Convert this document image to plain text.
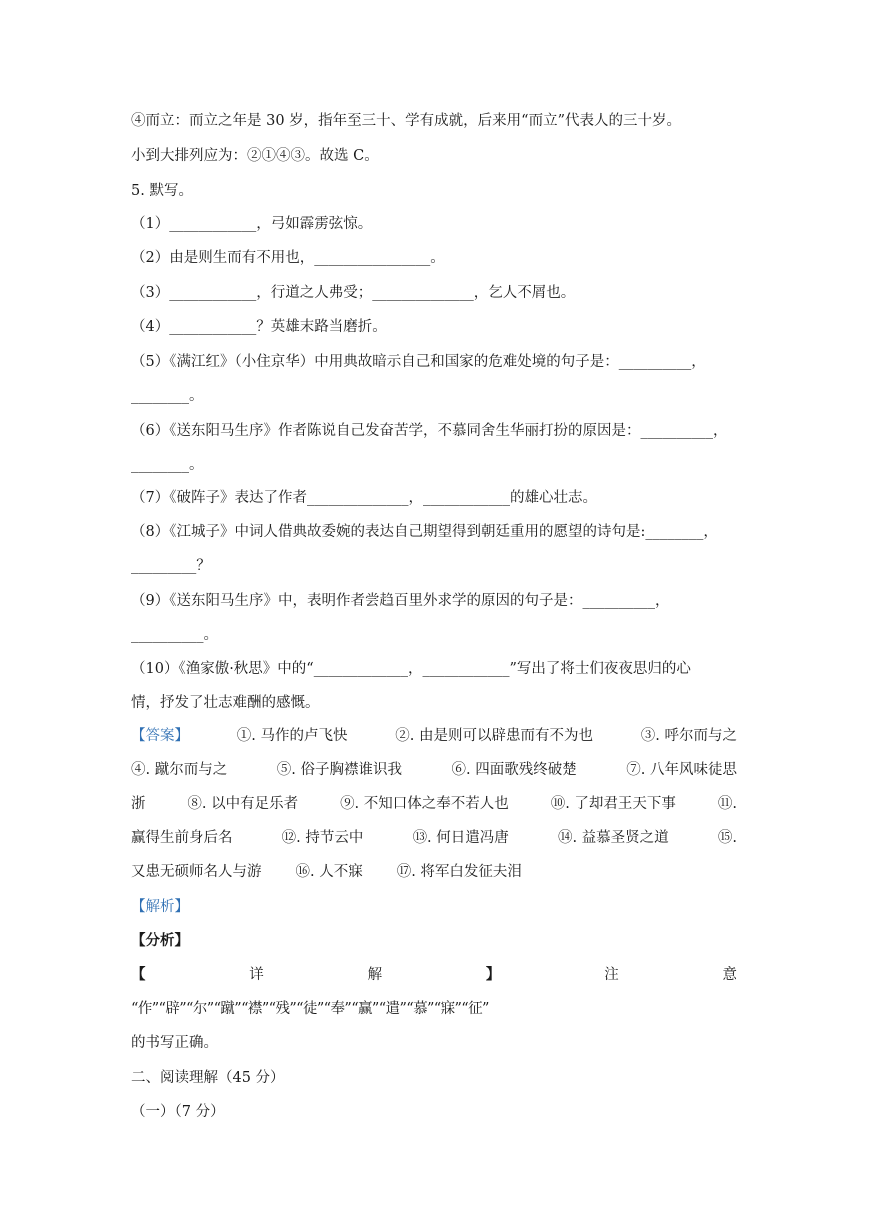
④而立：而立之年是 30 岁，指年至三十、学有成就，后来用“而立”代表人的三十岁。
小到大排列应为：②①④③。故选 C。
5. 默写。
（1）____________，弓如霹雳弦惊。
（2）由是则生而有不用也，________________。
（3）____________，行道之人弗受；______________，乞人不屑也。
（4）____________？英雄末路当磨折。
（5）《满江红》（小住京华）中用典故暗示自己和国家的危难处境的句子是：__________，
________。
（6）《送东阳马生序》作者陈说自己发奋苦学，不慕同舍生华丽打扮的原因是：__________，
________。
（7）《破阵子》表达了作者______________，____________的雄心壮志。
（8）《江城子》中词人借典故委婉的表达自己期望得到朝廷重用的愿望的诗句是:________，
_________？
（9）《送东阳马生序》中，表明作者尝趋百里外求学的原因的句子是：__________，
__________。
（10）《渔家傲·秋思》中的“_____________，____________”写出了将士们夜夜思归的心
情，抒发了壮志难酬的感慨。
【答案】	①. 马作的卢飞快	②. 由是则可以辟患而有不为也	③. 呼尔而与之
④. 蹴尔而与之	⑤. 俗子胸襟谁识我	⑥. 四面歌残终破楚	⑦. 八年风味徒思
浙	⑧. 以中有足乐者	⑨. 不知口体之奉不若人也	⑩. 了却君王天下事	⑪.
赢得生前身后名	⑫. 持节云中	⑬. 何日遣冯唐	⑭. 益慕圣贤之道	⑮.
又患无硕师名人与游 ⑯. 人不寐 ⑰. 将军白发征夫泪
【解析】
【分析】
【	详	解	】	注	意
“作”“辟”“尔”“蹴”“襟”“残”“徒”“奉”“赢”“遣”“慕”“寐”“征”
的书写正确。
二、阅读理解（45 分）
（一）（7 分）
